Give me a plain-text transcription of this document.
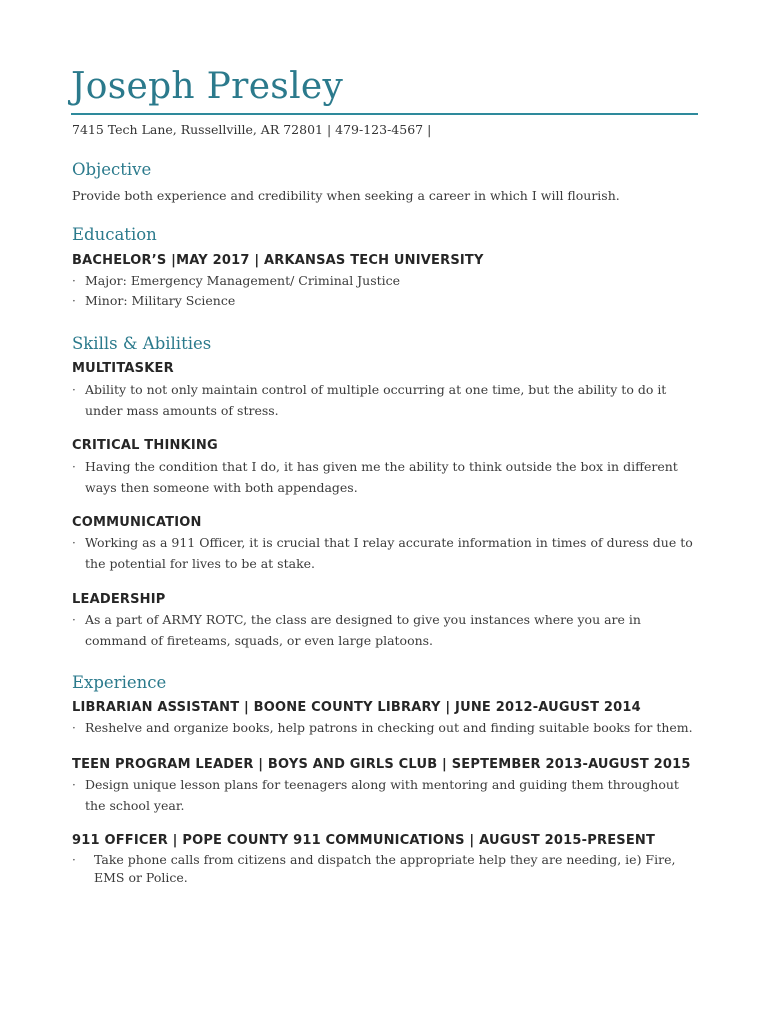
Joseph Presley
7415 Tech Lane, Russellville, AR 72801 | 479-123-4567 |
Objective
Provide both experience and credibility when seeking a career in which I will flourish.
Education
BACHELOR’S |MAY 2017 | ARKANSAS TECH UNIVERSITY
· Major: Emergency Management/ Criminal Justice
· Minor: Military Science
Skills & Abilities
MULTITASKER
· Ability to not only maintain control of multiple occurring at one time, but the ability to do it under mass amounts of stress.
CRITICAL THINKING
· Having the condition that I do, it has given me the ability to think outside the box in different ways then someone with both appendages.
COMMUNICATION
· Working as a 911 Officer, it is crucial that I relay accurate information in times of duress due to the potential for lives to be at stake.
LEADERSHIP
· As a part of ARMY ROTC, the class are designed to give you instances where you are in command of fireteams, squads, or even large platoons.
Experience
LIBRARIAN ASSISTANT | BOONE COUNTY LIBRARY | JUNE 2012-AUGUST 2014
· Reshelve and organize books, help patrons in checking out and finding suitable books for them.
TEEN PROGRAM LEADER | BOYS AND GIRLS CLUB | SEPTEMBER 2013-AUGUST 2015
· Design unique lesson plans for teenagers along with mentoring and guiding them throughout the school year.
911 OFFICER | POPE COUNTY 911 COMMUNICATIONS | AUGUST 2015-PRESENT
· Take phone calls from citizens and dispatch the appropriate help they are needing, ie) Fire, EMS or Police.
